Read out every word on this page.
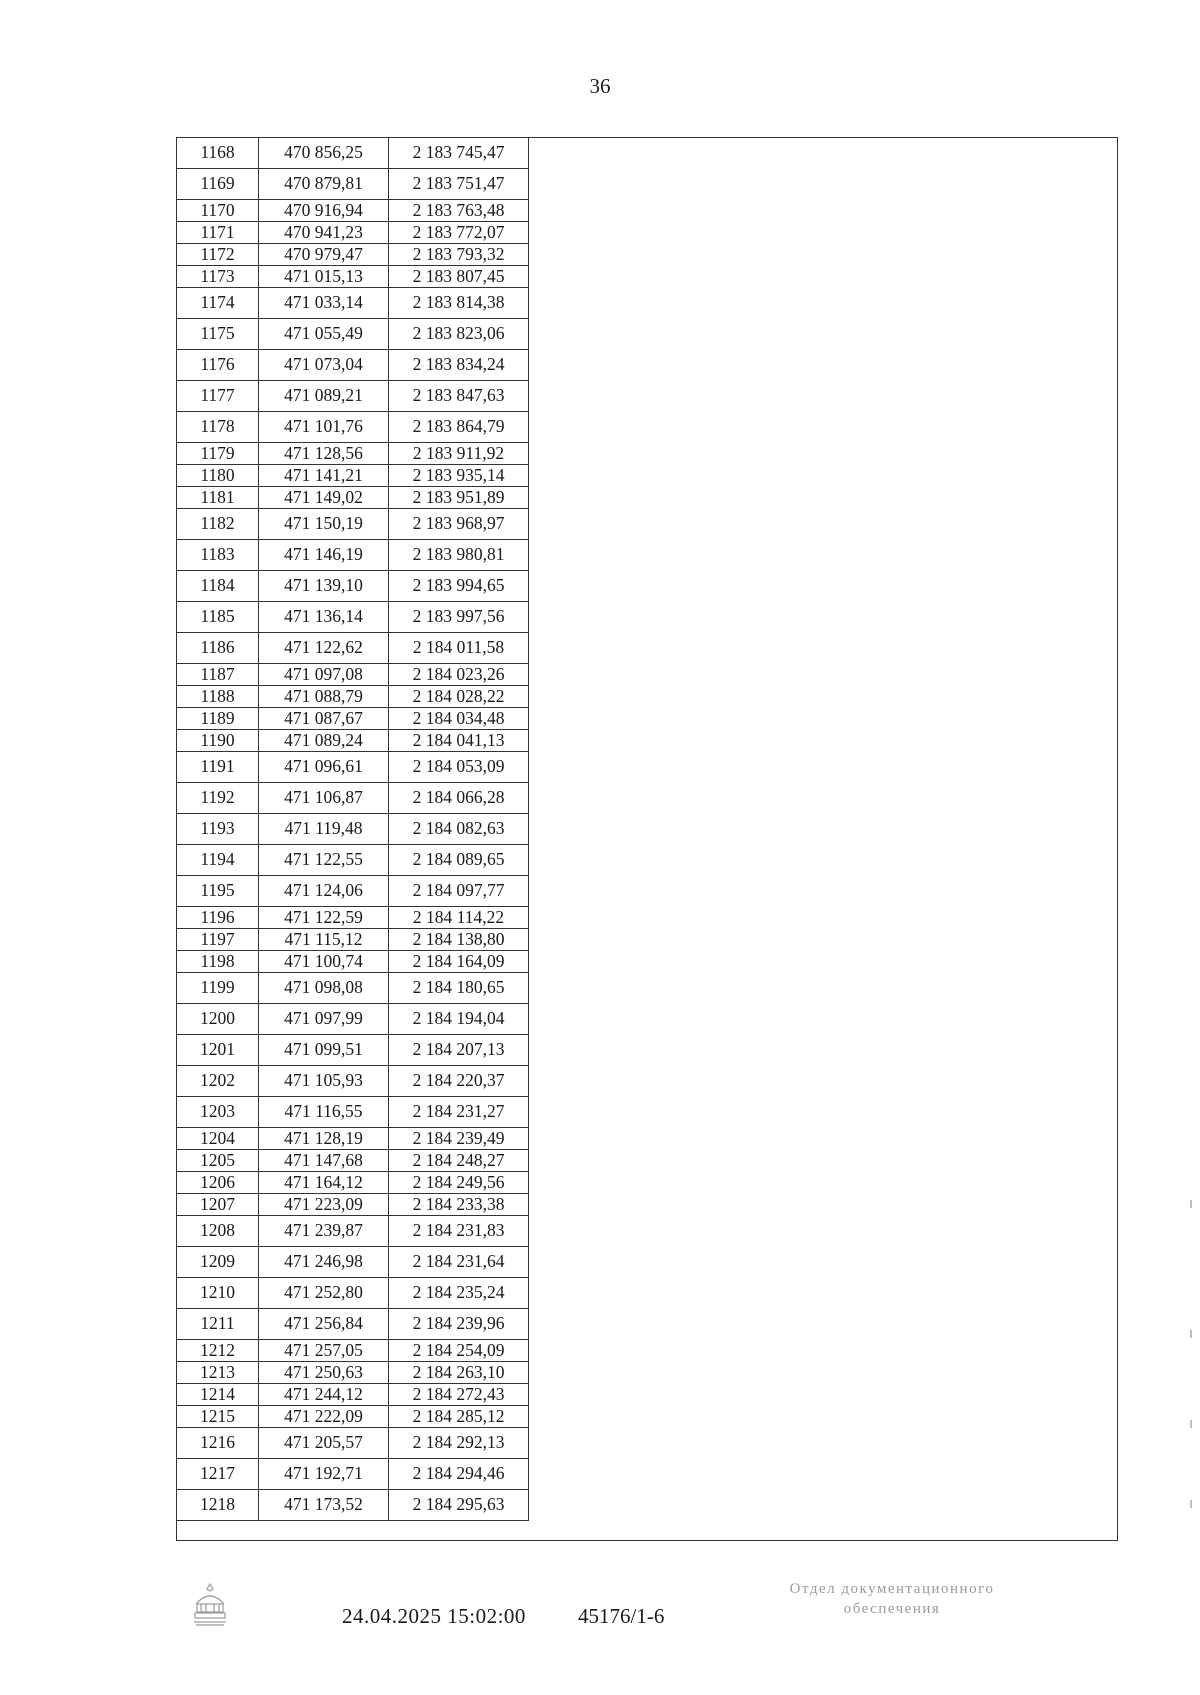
36
1168	470 856,25	2 183 745,47
1169	470 879,81	2 183 751,47
1170	470 916,94	2 183 763,48
1171	470 941,23	2 183 772,07
1172	470 979,47	2 183 793,32
1173	471 015,13	2 183 807,45
1174	471 033,14	2 183 814,38
1175	471 055,49	2 183 823,06
1176	471 073,04	2 183 834,24
1177	471 089,21	2 183 847,63
1178	471 101,76	2 183 864,79
1179	471 128,56	2 183 911,92
1180	471 141,21	2 183 935,14
1181	471 149,02	2 183 951,89
1182	471 150,19	2 183 968,97
1183	471 146,19	2 183 980,81
1184	471 139,10	2 183 994,65
1185	471 136,14	2 183 997,56
1186	471 122,62	2 184 011,58
1187	471 097,08	2 184 023,26
1188	471 088,79	2 184 028,22
1189	471 087,67	2 184 034,48
1190	471 089,24	2 184 041,13
1191	471 096,61	2 184 053,09
1192	471 106,87	2 184 066,28
1193	471 119,48	2 184 082,63
1194	471 122,55	2 184 089,65
1195	471 124,06	2 184 097,77
1196	471 122,59	2 184 114,22
1197	471 115,12	2 184 138,80
1198	471 100,74	2 184 164,09
1199	471 098,08	2 184 180,65
1200	471 097,99	2 184 194,04
1201	471 099,51	2 184 207,13
1202	471 105,93	2 184 220,37
1203	471 116,55	2 184 231,27
1204	471 128,19	2 184 239,49
1205	471 147,68	2 184 248,27
1206	471 164,12	2 184 249,56
1207	471 223,09	2 184 233,38
1208	471 239,87	2 184 231,83
1209	471 246,98	2 184 231,64
1210	471 252,80	2 184 235,24
1211	471 256,84	2 184 239,96
1212	471 257,05	2 184 254,09
1213	471 250,63	2 184 263,10
1214	471 244,12	2 184 272,43
1215	471 222,09	2 184 285,12
1216	471 205,57	2 184 292,13
1217	471 192,71	2 184 294,46
1218	471 173,52	2 184 295,63
24.04.2025 15:02:00 45176/1-6
Отдел документационного
обеспечения
